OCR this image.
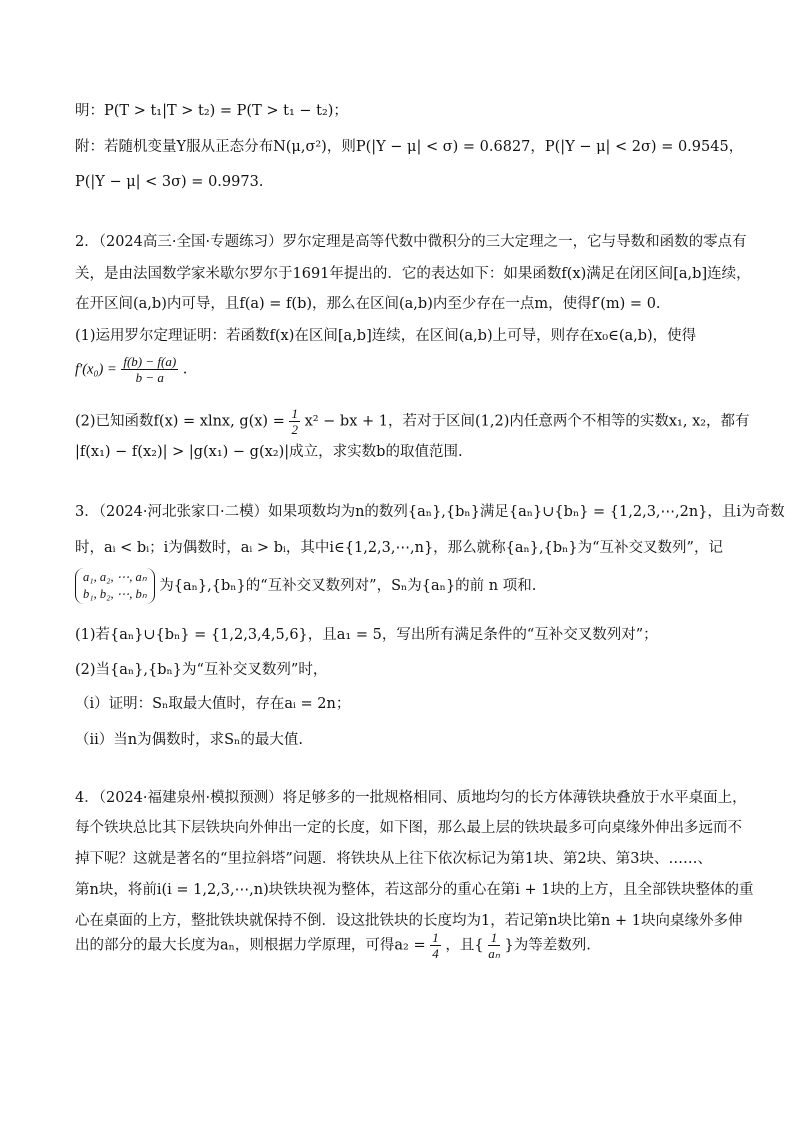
明：P(T > t₁|T > t₂) = P(T > t₁ − t₂)；
附：若随机变量Y服从正态分布N(μ,σ²)，则P(|Y − μ| < σ) = 0.6827，P(|Y − μ| < 2σ) = 0.9545，
P(|Y − μ| < 3σ) = 0.9973.
2．（2024高三·全国·专题练习）罗尔定理是高等代数中微积分的三大定理之一，它与导数和函数的零点有
关，是由法国数学家米歇尔罗尔于1691年提出的．它的表达如下：如果函数f(x)满足在闭区间[a,b]连续，
在开区间(a,b)内可导，且f(a) = f(b)，那么在区间(a,b)内至少存在一点m，使得f′(m) = 0.
(1)运用罗尔定理证明：若函数f(x)在区间[a,b]连续，在区间(a,b)上可导，则存在x₀∈(a,b)，使得
$f'(x_0) = \frac{f(b) - f(a)}{b - a}$ .
(2)已知函数f(x) = xlnx, $g(x) = \frac{1}{2} x^2$ − bx + 1，若对于区间(1,2)内任意两个不相等的实数x₁, x₂，都有
|f(x₁) − f(x₂)| > |g(x₁) − g(x₂)|成立，求实数b的取值范围.
3．（2024·河北张家口·二模）如果项数均为n的数列{aₙ},{bₙ}满足{aₙ}∪{bₙ} = {1,2,3,⋯,2n}，且i为奇数
时，aᵢ < bᵢ；i为偶数时，aᵢ > bᵢ，其中i∈{1,2,3,⋯,n}，那么就称{aₙ},{bₙ}为“互补交叉数列”，记
a₁, a₂, ⋯, aₙ
b₁, b₂, ⋯, bₙ 为{aₙ},{bₙ}的“互补交叉数列对”，Sₙ为{aₙ}的前 n 项和.
(1)若{aₙ}∪{bₙ} = {1,2,3,4,5,6}，且a₁ = 5，写出所有满足条件的“互补交叉数列对”；
(2)当{aₙ},{bₙ}为“互补交叉数列”时，
（i）证明：Sₙ取最大值时，存在aᵢ = 2n；
（ii）当n为偶数时，求Sₙ的最大值.
4．（2024·福建泉州·模拟预测）将足够多的一批规格相同、质地均匀的长方体薄铁块叠放于水平桌面上，
每个铁块总比其下层铁块向外伸出一定的长度，如下图，那么最上层的铁块最多可向桌缘外伸出多远而不
掉下呢？这就是著名的“里拉斜塔”问题．将铁块从上往下依次标记为第1块、第2块、第3块、……、
第n块，将前i(i = 1,2,3,⋯,n)块铁块视为整体，若这部分的重心在第i + 1块的上方，且全部铁块整体的重
心在桌面的上方，整批铁块就保持不倒．设这批铁块的长度均为1，若记第n块比第n + 1块向桌缘外多伸
出的部分的最大长度为aₙ，则根据力学原理，可得$a_2 = \frac{1}{4}$ ，且{ $\frac{1}{\text{aₙ}}$ }为等差数列.
